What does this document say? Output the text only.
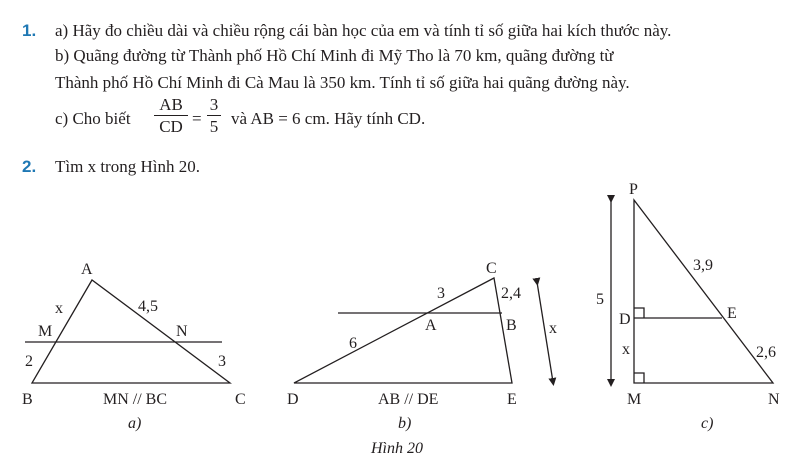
1. a) Hãy đo chiều dài và chiều rộng cái bàn học của em và tính tỉ số giữa hai kích thước này.
b) Quãng đường từ Thành phố Hồ Chí Minh đi Mỹ Tho là 70 km, quãng đường từ
Thành phố Hồ Chí Minh đi Cà Mau là 350 km. Tính tỉ số giữa hai quãng đường này.
c) Cho biết
AB
CD =
3
5 và AB = 6 cm. Hãy tính CD.
2. Tìm x trong Hình 20.
A
B	C
M	N
x	4,5
2	3
MN // BC
a)
C
A	B
D	E
3	2,4
6
x
AB // DE
b)
P
D	E
M	N
3,9
2,6
5
x
c)
Hình 20
